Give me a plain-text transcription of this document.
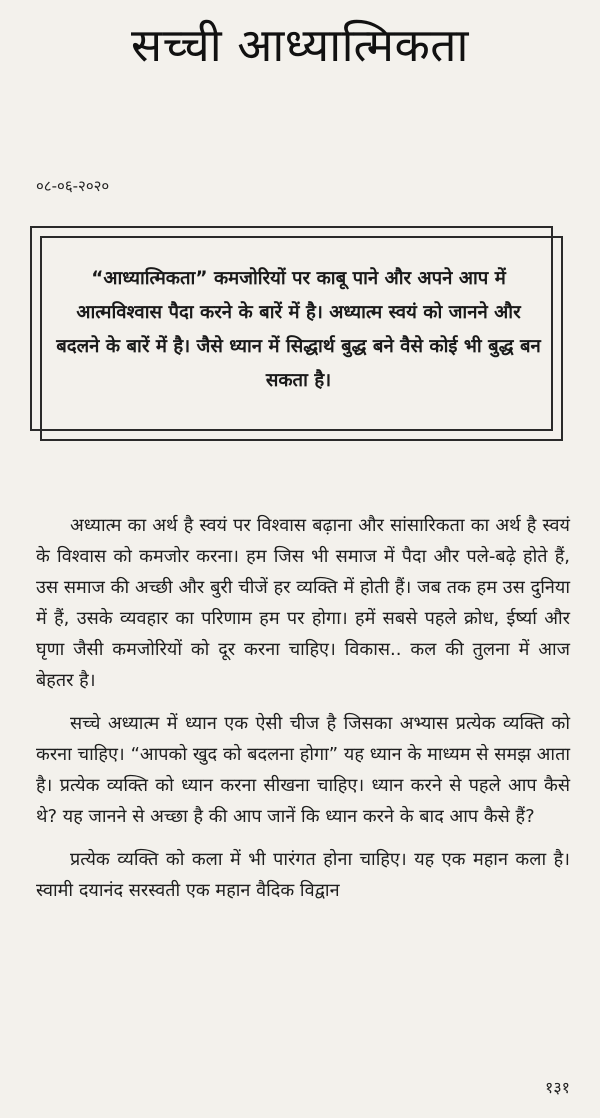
सच्ची आध्यात्मिकता
०८-०६-२०२०

“आध्यात्मिकता” कमजोरियों पर काबू पाने और अपने आप में आत्मविश्वास पैदा करने के बारें में है। अध्यात्म स्वयं को जानने और बदलने के बारें में है। जैसे ध्यान में सिद्धार्थ बुद्ध बने वैसे कोई भी बुद्ध बन सकता है।

अध्यात्म का अर्थ है स्वयं पर विश्वास बढ़ाना और सांसारिकता का अर्थ है स्वयं के विश्वास को कमजोर करना। हम जिस भी समाज में पैदा और पले-बढ़े होते हैं, उस समाज की अच्छी और बुरी चीजें हर व्यक्ति में होती हैं। जब तक हम उस दुनिया में हैं, उसके व्यवहार का परिणाम हम पर होगा। हमें सबसे पहले क्रोध, ईर्ष्या और घृणा जैसी कमजोरियों को दूर करना चाहिए। विकास.. कल की तुलना में आज बेहतर है।

सच्चे अध्यात्म में ध्यान एक ऐसी चीज है जिसका अभ्यास प्रत्येक व्यक्ति को करना चाहिए। “आपको खुद को बदलना होगा” यह ध्यान के माध्यम से समझ आता है। प्रत्येक व्यक्ति को ध्यान करना सीखना चाहिए। ध्यान करने से पहले आप कैसे थे? यह जानने से अच्छा है की आप जानें कि ध्यान करने के बाद आप कैसे हैं?

प्रत्येक व्यक्ति को कला में भी पारंगत होना चाहिए। यह एक महान कला है। स्वामी दयानंद सरस्वती एक महान वैदिक विद्वान

१३१
